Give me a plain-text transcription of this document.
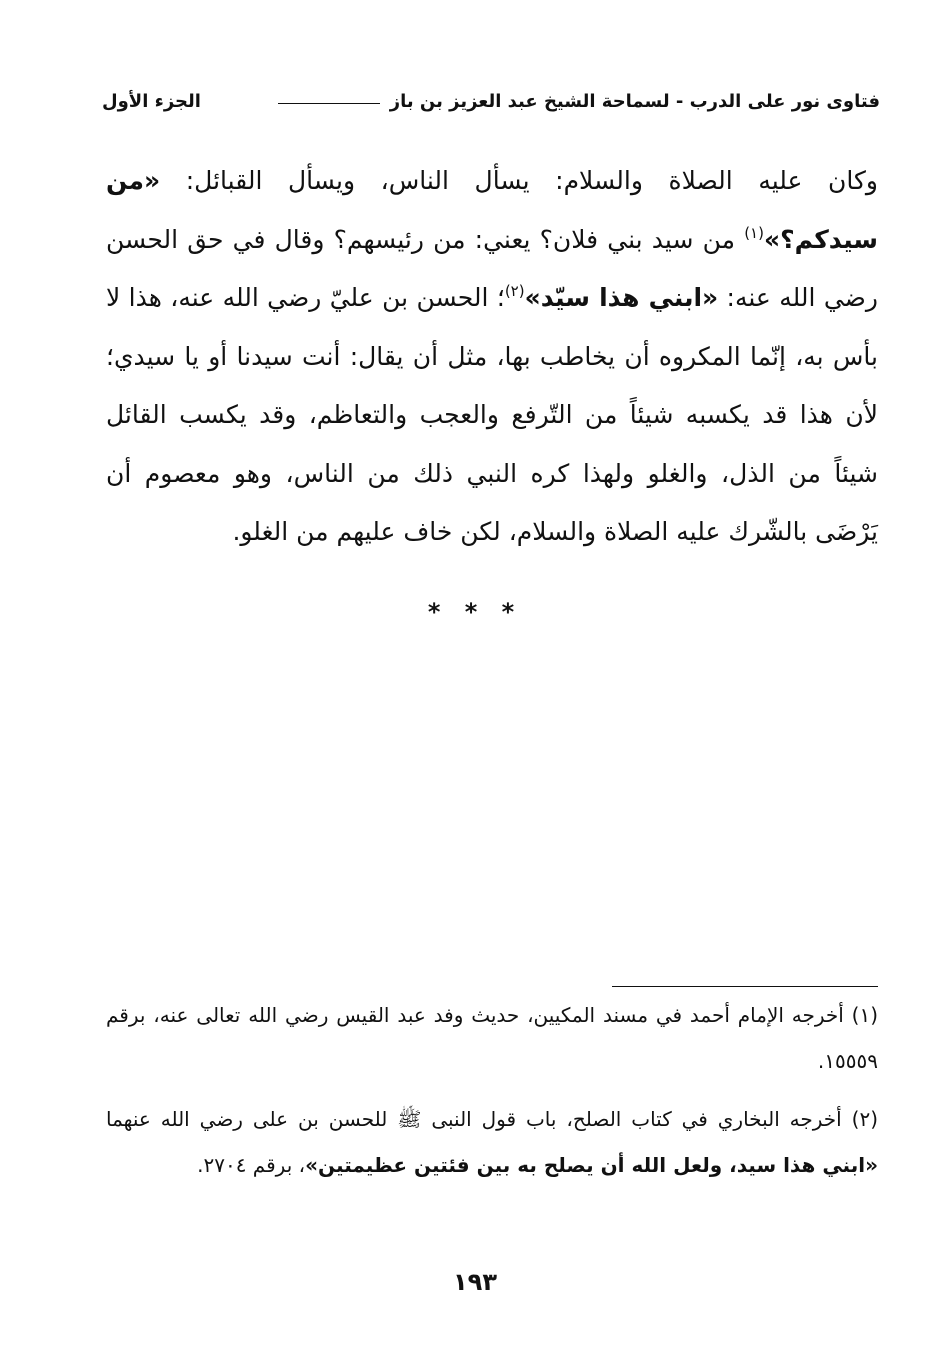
فتاوى نور على الدرب - لسماحة الشيخ عبد العزيز بن باز
الجزء الأول
وكان عليه الصلاة والسلام: يسأل الناس، ويسأل القبائل: «من سيدكم؟»$^{(١)}$ من سيد بني فلان؟ يعني: من رئيسهم؟ وقال في حق الحسن رضي الله عنه: «ابني هذا سيّد»$^{(٢)}$؛ الحسن بن عليّ رضي الله عنه، هذا لا بأس به، إنّما المكروه أن يخاطب بها، مثل أن يقال: أنت سيدنا أو يا سيدي؛ لأن هذا قد يكسبه شيئاً من التّرفع والعجب والتعاظم، وقد يكسب القائل شيئاً من الذل، والغلو ولهذا كره النبي ذلك من الناس، وهو معصوم أن يَرْضَى بالشّرك عليه الصلاة والسلام، لكن خاف عليهم من الغلو.
* * *
(١) أخرجه الإمام أحمد في مسند المكيين، حديث وفد عبد القيس رضي الله تعالى عنه، برقم ١٥٥٥٩.
(٢) أخرجه البخاري في كتاب الصلح، باب قول النبى ﷺ للحسن بن على رضي الله عنهما «ابني هذا سيد، ولعل الله أن يصلح به بين فئتين عظيمتين»، برقم ٢٧٠٤.
١٩٣
